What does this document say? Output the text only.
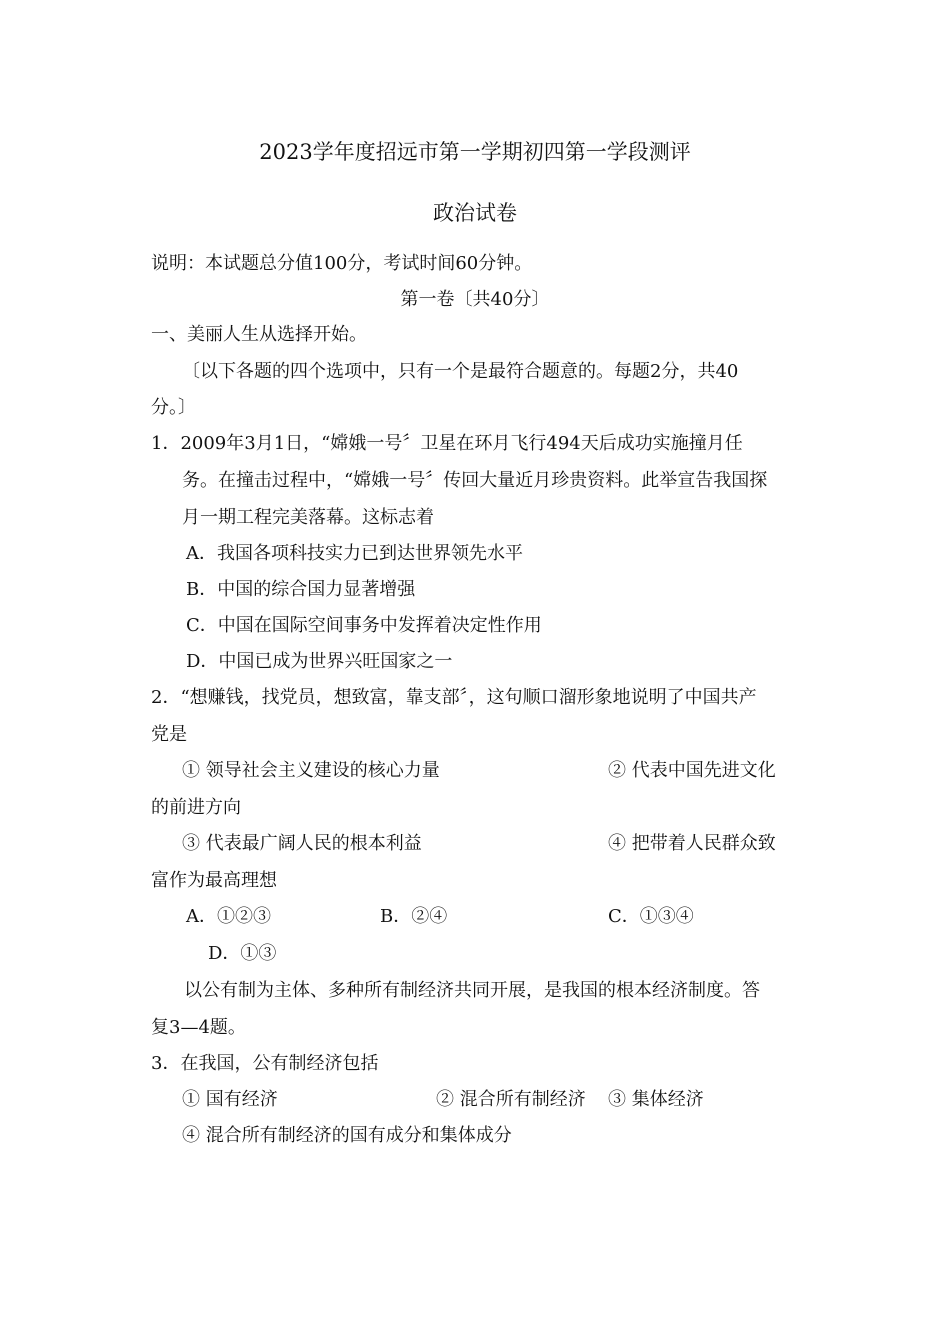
2023学年度招远市第一学期初四第一学段测评
政治试卷
说明：本试题总分值100分，考试时间60分钟。
第一卷〔共40分〕
一、美丽人生从选择开始。
〔以下各题的四个选项中，只有一个是最符合题意的。每题2分，共40
分。〕
1．2009年3月1日，“嫦娥一号〞卫星在环月飞行494天后成功实施撞月任
务。在撞击过程中，“嫦娥一号〞传回大量近月珍贵资料。此举宣告我国探
月一期工程完美落幕。这标志着
A．我国各项科技实力已到达世界领先水平
B．中国的综合国力显著增强
C．中国在国际空间事务中发挥着决定性作用
D．中国已成为世界兴旺国家之一
2．“想赚钱，找党员，想致富，靠支部〞，这句顺口溜形象地说明了中国共产
党是
① 领导社会主义建设的核心力量	② 代表中国先进文化
的前进方向
③ 代表最广阔人民的根本利益	④ 把带着人民群众致
富作为最高理想
A．①②③	B．②④	C．①③④
D．①③
以公有制为主体、多种所有制经济共同开展，是我国的根本经济制度。答
复3—4题。
3．在我国，公有制经济包括
① 国有经济	② 混合所有制经济 ③ 集体经济
④ 混合所有制经济的国有成分和集体成分
